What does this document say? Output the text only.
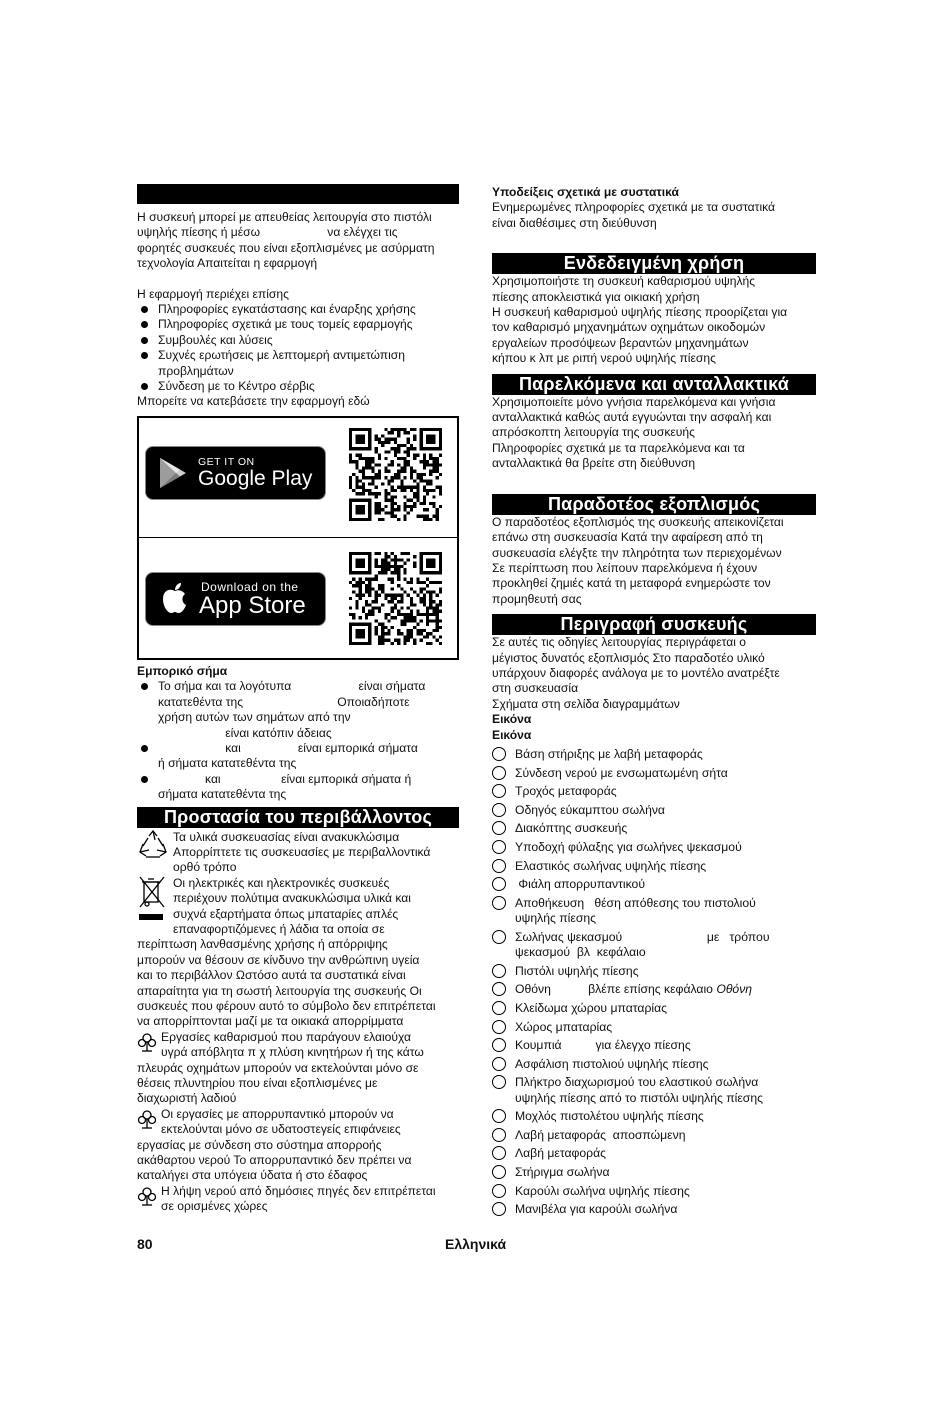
Η συσκευή μπορεί με απευθείας λειτουργία στο πιστόλι

υψηλής πίεσης ή μέσω                    να ελέγχει τις

φορητές συσκευές που είναι εξοπλισμένες με ασύρματη

τεχνολογία Απαιτείται η εφαρμογή

Η εφαρμογή περιέχει επίσης

Πληροφορίες εγκατάστασης και έναρξης χρήσης
Πληροφορίες σχετικά με τους τομείς εφαρμογής
Συμβουλές και λύσεις
Συχνές ερωτήσεις με λεπτομερή αντιμετώπιση προβλημάτων
Σύνδεση με το Κέντρο σέρβις

Μπορείτε να κατεβάσετε την εφαρμογή εδώ

GET IT ON
Google Play
Download on the
App Store

Εμπορικό σήμα

Το σήμα και τα λογότυπα                    είναι σήματα
κατατεθέντα της                            Οποιαδήποτε
χρήση αυτών των σημάτων από την
είναι κατόπιν άδειας
και                 είναι εμπορικά σήματα
ή σήματα κατατεθέντα της
και                  είναι εμπορικά σήματα ή
σήματα κατατεθέντα της
Προστασία του περιβάλλοντος

Τα υλικά συσκευασίας είναι ανακυκλώσιμα

Απορρίπτετε τις συσκευασίες με περιβαλλοντικά

ορθό τρόπο

Οι ηλεκτρικές και ηλεκτρονικές συσκευές

περιέχουν πολύτιμα ανακυκλώσιμα υλικά και

συχνά εξαρτήματα όπως μπαταρίες απλές

επαναφορτιζόμενες ή λάδια τα οποία σε

περίπτωση λανθασμένης χρήσης ή απόρριψης

μπορούν να θέσουν σε κίνδυνο την ανθρώπινη υγεία

και το περιβάλλον Ωστόσο αυτά τα συστατικά είναι

απαραίτητα για τη σωστή λειτουργία της συσκευής Οι

συσκευές που φέρουν αυτό το σύμβολο δεν επιτρέπεται

να απορρίπτονται μαζί με τα οικιακά απορρίμματα

Εργασίες καθαρισμού που παράγουν ελαιούχα

υγρά απόβλητα π χ πλύση κινητήρων ή της κάτω

πλευράς οχημάτων μπορούν να εκτελούνται μόνο σε

θέσεις πλυντηρίου που είναι εξοπλισμένες με

διαχωριστή λαδιού

Οι εργασίες με απορρυπαντικό μπορούν να

εκτελούνται μόνο σε υδατοστεγείς επιφάνειες

εργασίας με σύνδεση στο σύστημα απορροής

ακάθαρτου νερού Το απορρυπαντικό δεν πρέπει να

καταλήγει στα υπόγεια ύδατα ή στο έδαφος

Η λήψη νερού από δημόσιες πηγές δεν επιτρέπεται

σε ορισμένες χώρες

Υποδείξεις σχετικά με συστατικά

Ενημερωμένες πληροφορίες σχετικά με τα συστατικά

είναι διαθέσιμες στη διεύθυνση

Ενδεδειγμένη χρήση

Χρησιμοποιήστε τη συσκευή καθαρισμού υψηλής

πίεσης αποκλειστικά για οικιακή χρήση

Η συσκευή καθαρισμού υψηλής πίεσης προορίζεται για

τον καθαρισμό μηχανημάτων οχημάτων οικοδομών

εργαλείων προσόψεων βεραντών μηχανημάτων

κήπου κ λπ με ριπή νερού υψηλής πίεσης

Παρελκόμενα και ανταλλακτικά

Χρησιμοποιείτε μόνο γνήσια παρελκόμενα και γνήσια

ανταλλακτικά καθώς αυτά εγγυώνται την ασφαλή και

απρόσκοπτη λειτουργία της συσκευής

Πληροφορίες σχετικά με τα παρελκόμενα και τα

ανταλλακτικά θα βρείτε στη διεύθυνση

Παραδοτέος εξοπλισμός

Ο παραδοτέος εξοπλισμός της συσκευής απεικονίζεται

επάνω στη συσκευασία Κατά την αφαίρεση από τη

συσκευασία ελέγξτε την πληρότητα των περιεχομένων

Σε περίπτωση που λείπουν παρελκόμενα ή έχουν

προκληθεί ζημιές κατά τη μεταφορά ενημερώστε τον

προμηθευτή σας

Περιγραφή συσκευής

Σε αυτές τις οδηγίες λειτουργίας περιγράφεται ο

μέγιστος δυνατός εξοπλισμός Στο παραδοτέο υλικό

υπάρχουν διαφορές ανάλογα με το μοντέλο ανατρέξτε

στη συσκευασία

Σχήματα στη σελίδα διαγραμμάτων

Εικόνα

Εικόνα

Βάση στήριξης με λαβή μεταφοράς
Σύνδεση νερού με ενσωματωμένη σήτα
Τροχός μεταφοράς
Οδηγός εύκαμπτου σωλήνα
Διακόπτης συσκευής
Υποδοχή φύλαξης για σωλήνες ψεκασμού
Ελαστικός σωλήνας υψηλής πίεσης
Φιάλη απορρυπαντικού
Αποθήκευση   θέση απόθεσης του πιστολιού
υψηλής πίεσης
Σωλήνας ψεκασμού                         με   τρόπου
ψεκασμού  βλ  κεφάλαιο
Πιστόλι υψηλής πίεσης
Οθόνη           βλέπε επίσης κεφάλαιο Οθόνη
Κλείδωμα χώρου μπαταρίας
Χώρος μπαταρίας
Κουμπιά          για έλεγχο πίεσης
Ασφάλιση πιστολιού υψηλής πίεσης
Πλήκτρο διαχωρισμού του ελαστικού σωλήνα
υψηλής πίεσης από το πιστόλι υψηλής πίεσης
Μοχλός πιστολέτου υψηλής πίεσης
Λαβή μεταφοράς  αποσπώμενη
Λαβή μεταφοράς
Στήριγμα σωλήνα
Καρούλι σωλήνα υψηλής πίεσης
Μανιβέλα για καρούλι σωλήνα
80	Ελληνικά
